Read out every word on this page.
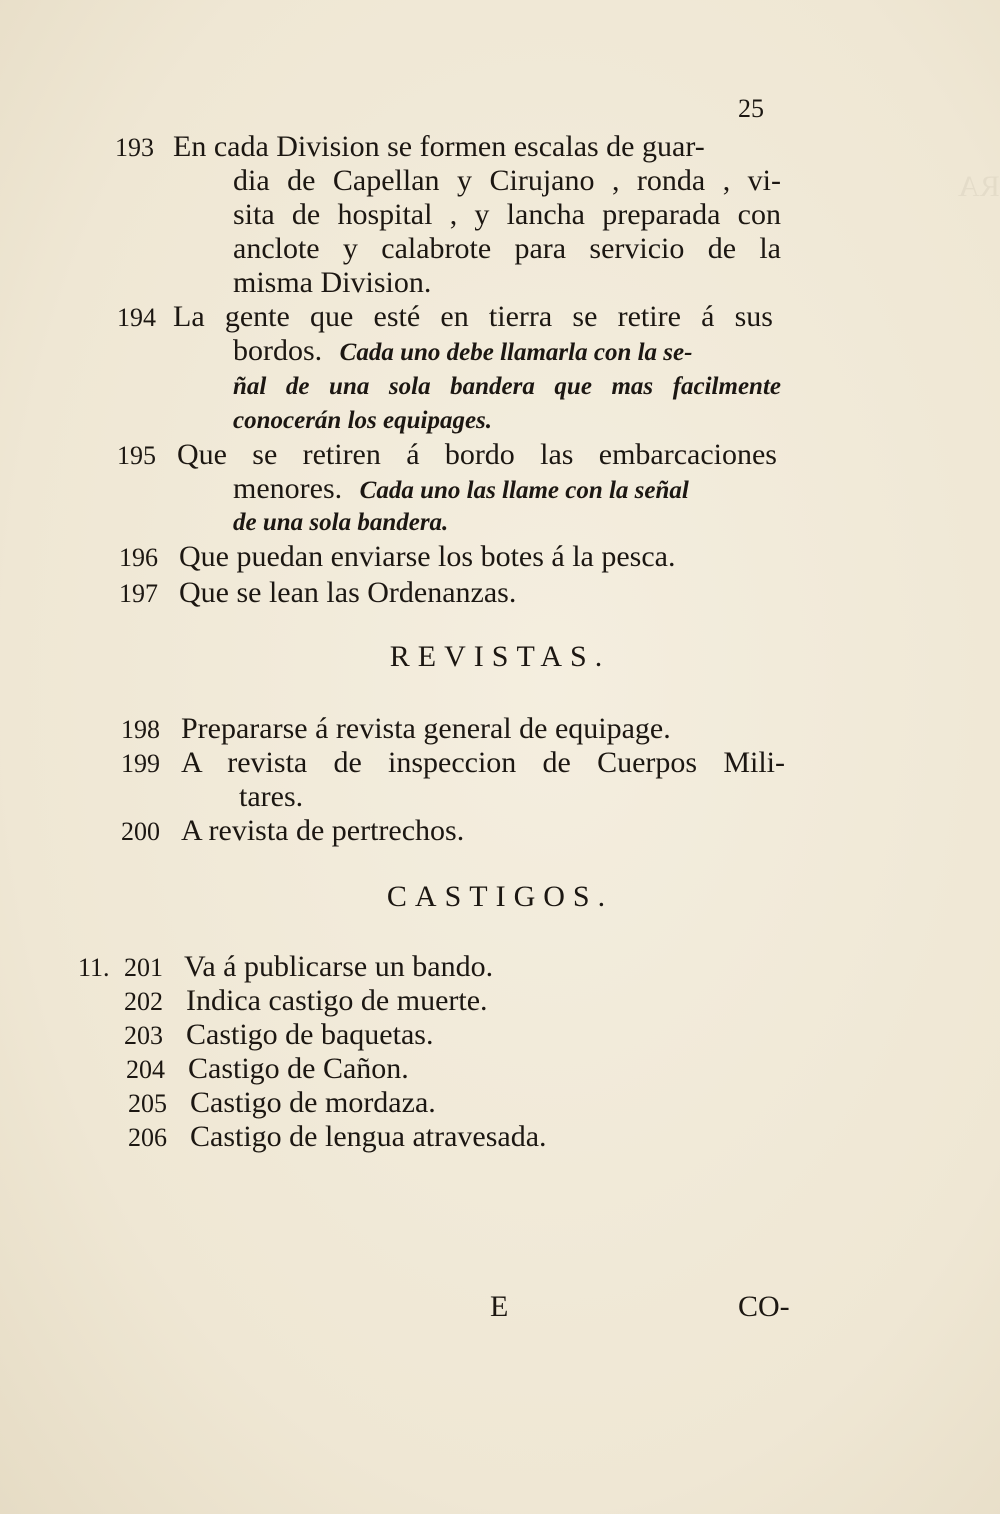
RA
25
193 En cada Division se formen escalas de guar-
dia de Capellan y Cirujano , ronda , vi-
sita de hospital , y lancha preparada con
anclote y calabrote para servicio de la
misma Division.
194 La gente que esté en tierra se retire á sus
bordos. Cada uno debe llamarla con la se-
ñal de una sola bandera que mas facilmente
conocerán los equipages.
195 Que se retiren á bordo las embarcaciones
menores. Cada uno las llame con la señal
de una sola bandera.
196 Que puedan enviarse los botes á la pesca.
197 Que se lean las Ordenanzas.
REVISTAS.
198 Prepararse á revista general de equipage.
199 A revista de inspeccion de Cuerpos Mili-
tares.
200 A revista de pertrechos.
CASTIGOS.
11. 201 Va á publicarse un bando.
202 Indica castigo de muerte.
203 Castigo de baquetas.
204 Castigo de Cañon.
205 Castigo de mordaza.
206 Castigo de lengua atravesada.
E	CO-
